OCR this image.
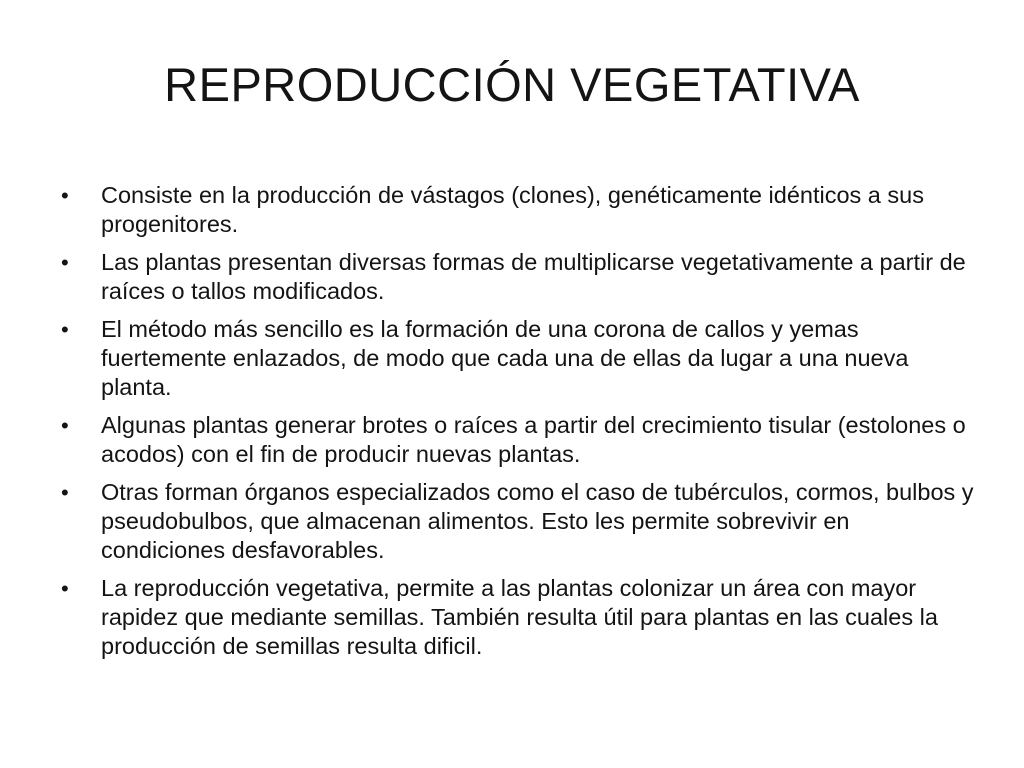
REPRODUCCIÓN VEGETATIVA
• Consiste en la producción de vástagos (clones), genéticamente idénticos a sus progenitores.
• Las plantas presentan diversas formas de multiplicarse vegetativamente a partir de raíces o tallos modificados.
• El método más sencillo es la formación de una corona de callos y yemas fuertemente enlazados, de modo que cada una de ellas da lugar a una nueva planta.
• Algunas plantas generar brotes o raíces a partir del crecimiento tisular (estolones o acodos) con el fin de producir nuevas plantas.
• Otras forman órganos especializados como el caso de tubérculos, cormos, bulbos y pseudobulbos, que almacenan alimentos. Esto les permite sobrevivir en condiciones desfavorables.
• La reproducción vegetativa, permite a las plantas colonizar un área con mayor rapidez que mediante semillas. También resulta útil para plantas en las cuales la producción de semillas resulta dificil.
